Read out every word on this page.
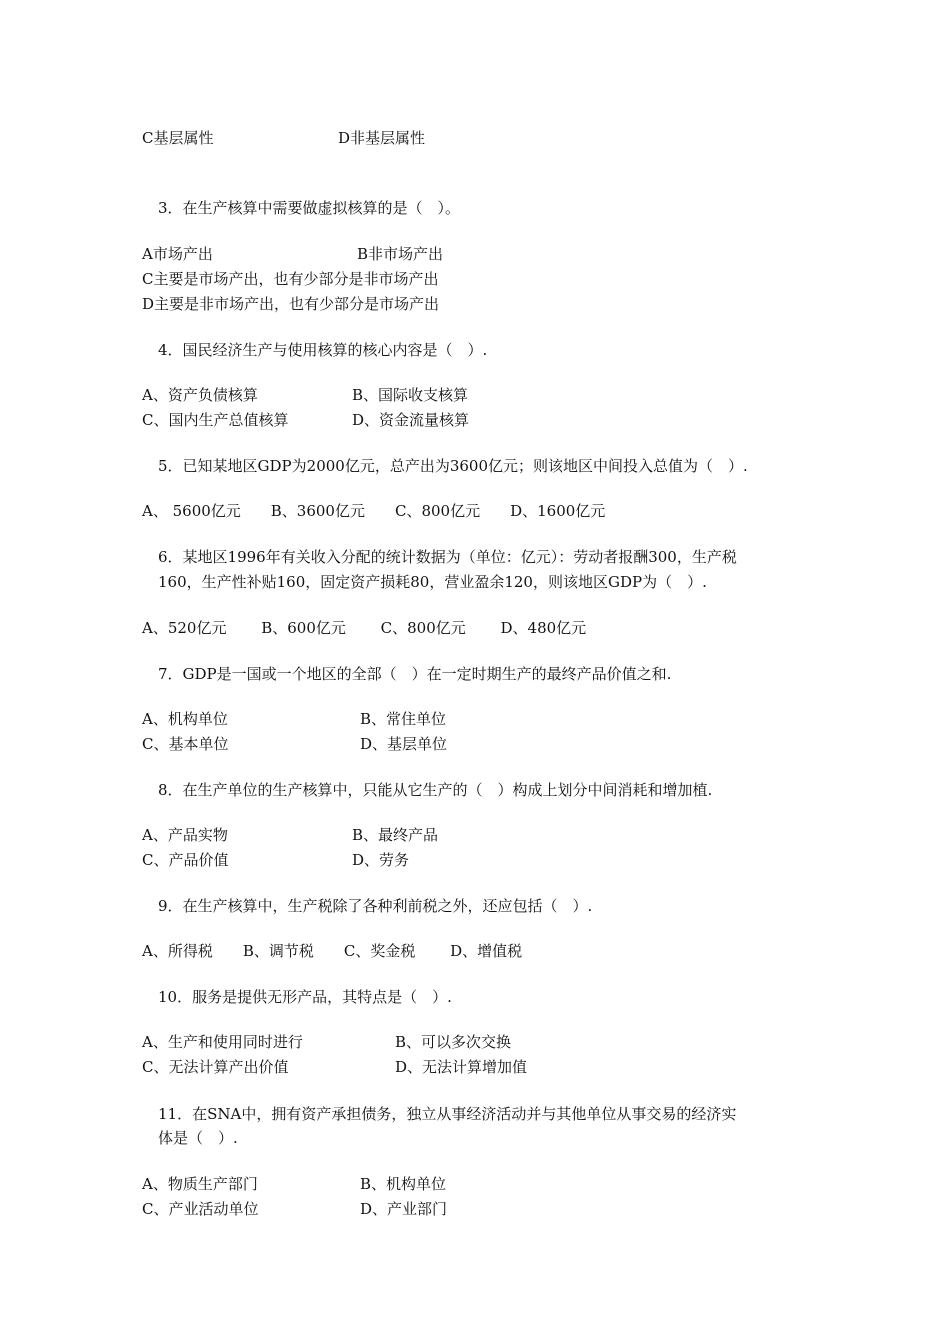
C基层属性	D非基层属性
3．在生产核算中需要做虚拟核算的是（　）。
A市场产出	B非市场产出
C主要是市场产出，也有少部分是非市场产出
D主要是非市场产出，也有少部分是市场产出
4．国民经济生产与使用核算的核心内容是（　）.
A、资产负债核算	B、国际收支核算
C、国内生产总值核算	D、资金流量核算
5．已知某地区GDP为2000亿元，总产出为3600亿元；则该地区中间投入总值为（　）.
A、 5600亿元　　B、3600亿元　　C、800亿元　　D、1600亿元
6．某地区1996年有关收入分配的统计数据为（单位：亿元）：劳动者报酬300，生产税
160，生产性补贴160，固定资产损耗80，营业盈余120，则该地区GDP为（　）.
A、520亿元　　 B、600亿元　　 C、800亿元　　 D、480亿元
7．GDP是一国或一个地区的全部（　）在一定时期生产的最终产品价值之和.
A、机构单位	B、常住单位
C、基本单位	D、基层单位
8．在生产单位的生产核算中，只能从它生产的（　）构成上划分中间消耗和增加植.
A、产品实物	B、最终产品
C、产品价值	D、劳务
9．在生产核算中，生产税除了各种利前税之外，还应包括（　）.
A、所得税　　B、调节税　　C、奖金税　　 D、增值税
10．服务是提供无形产品，其特点是（　）.
A、生产和使用同时进行	B、可以多次交换
C、无法计算产出价值	D、无法计算增加值
11．在SNA中，拥有资产承担债务，独立从事经济活动并与其他单位从事交易的经济实
体是（　）.
A、物质生产部门	B、机构单位
C、产业活动单位	D、产业部门
